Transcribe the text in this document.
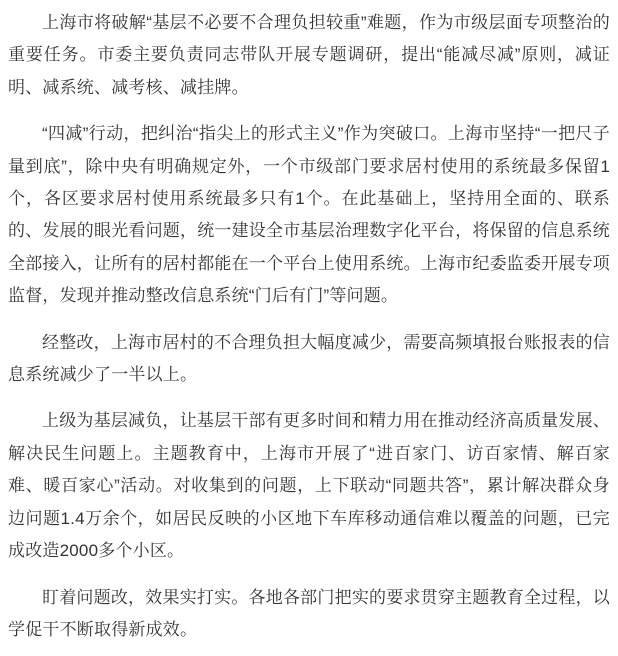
上海市将破解“基层不必要不合理负担较重”难题，作为市级层面专项整治的重要任务。市委主要负责同志带队开展专题调研，提出“能减尽减”原则，减证明、减系统、减考核、减挂牌。

“四减”行动，把纠治“指尖上的形式主义”作为突破口。上海市坚持“一把尺子量到底”，除中央有明确规定外，一个市级部门要求居村使用的系统最多保留1个，各区要求居村使用系统最多只有1个。在此基础上，坚持用全面的、联系的、发展的眼光看问题，统一建设全市基层治理数字化平台，将保留的信息系统全部接入，让所有的居村都能在一个平台上使用系统。上海市纪委监委开展专项监督，发现并推动整改信息系统“门后有门”等问题。

经整改，上海市居村的不合理负担大幅度减少，需要高频填报台账报表的信息系统减少了一半以上。

上级为基层减负，让基层干部有更多时间和精力用在推动经济高质量发展、解决民生问题上。主题教育中，上海市开展了“进百家门、访百家情、解百家难、暖百家心”活动。对收集到的问题，上下联动“同题共答”，累计解决群众身边问题1.4万余个，如居民反映的小区地下车库移动通信难以覆盖的问题，已完成改造2000多个小区。

盯着问题改，效果实打实。各地各部门把实的要求贯穿主题教育全过程，以学促干不断取得新成效。
